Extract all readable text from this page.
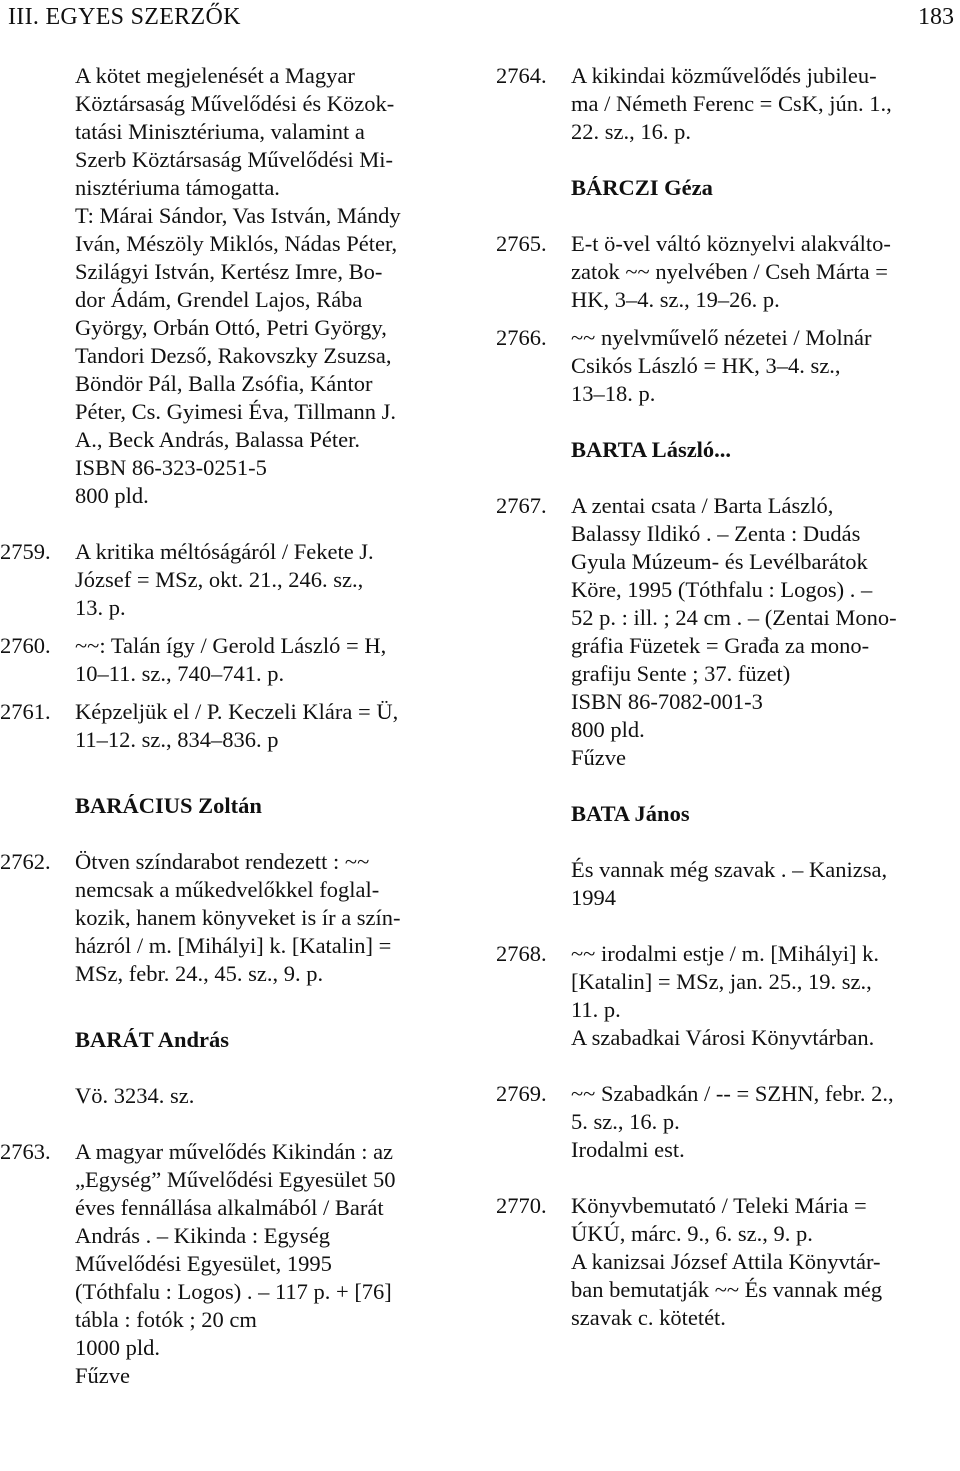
III. EGYES SZERZŐK	183
A kötet megjelenését a Magyar
Köztársaság Művelődési és Közok-
tatási Minisztériuma, valamint a
Szerb Köztársaság Művelődési Mi-
nisztériuma támogatta.
T: Márai Sándor, Vas István, Mándy
Iván, Mészöly Miklós, Nádas Péter,
Szilágyi István, Kertész Imre, Bo-
dor Ádám, Grendel Lajos, Rába
György, Orbán Ottó, Petri György,
Tandori Dezső, Rakovszky Zsuzsa,
Böndör Pál, Balla Zsófia, Kántor
Péter, Cs. Gyimesi Éva, Tillmann J.
A., Beck András, Balassa Péter.
ISBN 86-323-0251-5
800 pld.
2759.	A kritika méltóságáról / Fekete J.
József = MSz, okt. 21., 246. sz.,
13. p.
2760.	~~: Talán így / Gerold László = H,
10–11. sz., 740–741. p.
2761.	Képzeljük el / P. Keczeli Klára = Ü,
11–12. sz., 834–836. p
BARÁCIUS Zoltán
2762.	Ötven színdarabot rendezett : ~~
nemcsak a műkedvelőkkel foglal-
kozik, hanem könyveket is ír a szín-
házról / m. [Mihályi] k. [Katalin] =
MSz, febr. 24., 45. sz., 9. p.
BARÁT András
Vö. 3234. sz.
2763.	A magyar művelődés Kikindán : az
„Egység” Művelődési Egyesület 50
éves fennállása alkalmából / Barát
András . – Kikinda : Egység
Művelődési Egyesület, 1995
(Tóthfalu : Logos) . – 117 p. + [76]
tábla : fotók ; 20 cm
1000 pld.
Fűzve
2764.	A kikindai közművelődés jubileu-
ma / Németh Ferenc = CsK, jún. 1.,
22. sz., 16. p.
BÁRCZI Géza
2765.	E-t ö-vel váltó köznyelvi alakválto-
zatok ~~ nyelvében / Cseh Márta =
HK, 3–4. sz., 19–26. p.
2766.	~~ nyelvművelő nézetei / Molnár
Csikós László = HK, 3–4. sz.,
13–18. p.
BARTA László...
2767.	A zentai csata / Barta László,
Balassy Ildikó . – Zenta : Dudás
Gyula Múzeum- és Levélbarátok
Köre, 1995 (Tóthfalu : Logos) . –
52 p. : ill. ; 24 cm . – (Zentai Mono-
gráfia Füzetek = Građa za mono-
grafiju Sente ; 37. füzet)
ISBN 86-7082-001-3
800 pld.
Fűzve
BATA János
És vannak még szavak . – Kanizsa,
1994
2768.	~~ irodalmi estje / m. [Mihályi] k.
[Katalin] = MSz, jan. 25., 19. sz.,
11. p.
A szabadkai Városi Könyvtárban.
2769.	~~ Szabadkán / -- = SZHN, febr. 2.,
5. sz., 16. p.
Irodalmi est.
2770.	Könyvbemutató / Teleki Mária =
ÚKÚ, márc. 9., 6. sz., 9. p.
A kanizsai József Attila Könyvtár-
ban bemutatják ~~ És vannak még
szavak c. kötetét.
